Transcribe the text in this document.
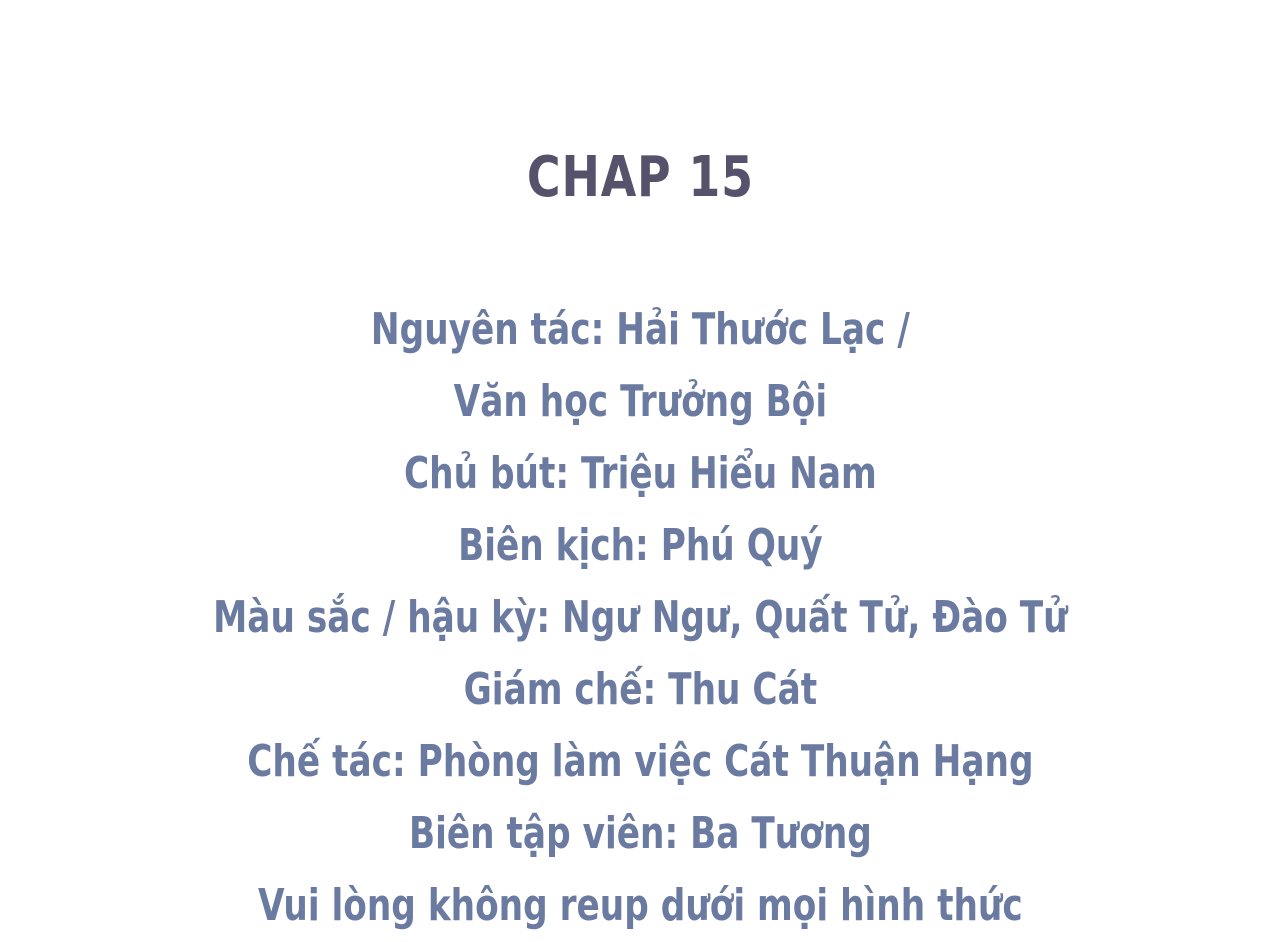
CHAP 15
Nguyên tác: Hải Thước Lạc /
Văn học Trưởng Bội
Chủ bút: Triệu Hiểu Nam
Biên kịch: Phú Quý
Màu sắc / hậu kỳ: Ngư Ngư, Quất Tử, Đào Tử
Giám chế: Thu Cát
Chế tác: Phòng làm việc Cát Thuận Hạng
Biên tập viên: Ba Tương
Vui lòng không reup dưới mọi hình thức
